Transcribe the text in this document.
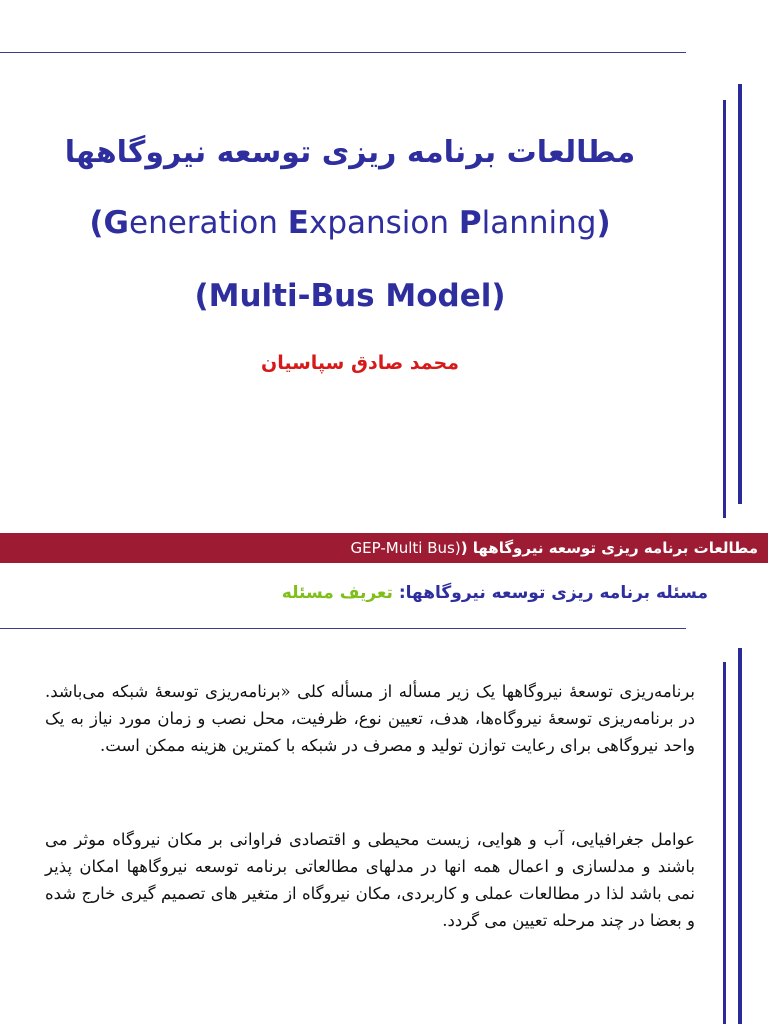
مطالعات برنامه ریزی توسعه نیروگاهها
(Generation Expansion Planning)
(Multi-Bus Model)
محمد صادق سپاسیان
مطالعات برنامه ریزی توسعه نیروگاهها (GEP-Multi Bus)
مسئله برنامه ریزی توسعه نیروگاهها: تعریف مسئله
برنامه‌ریزی توسعهٔ نیروگاهها یک زیر مسأله از مسأله کلی «برنامه‌ریزی توسعهٔ شبکه می‌باشد. در برنامه‌ریزی توسعهٔ نیروگاه‌ها، هدف، تعیین نوع، ظرفیت، محل نصب و زمان مورد نیاز به یک واحد نیروگاهی برای رعایت توازن تولید و مصرف در شبکه با کمترین هزینه ممکن است.
عوامل جغرافیایی، آب و هوایی، زیست محیطی و اقتصادی فراوانی بر مکان نیروگاه موثر می باشند و مدلسازی و اعمال همه انها در مدلهای مطالعاتی برنامه توسعه نیروگاهها امکان پذیر نمی باشد لذا در مطالعات عملی و کاربردی، مکان نیروگاه از متغیر های تصمیم گیری خارج شده و بعضا در چند مرحله تعیین می گردد.
